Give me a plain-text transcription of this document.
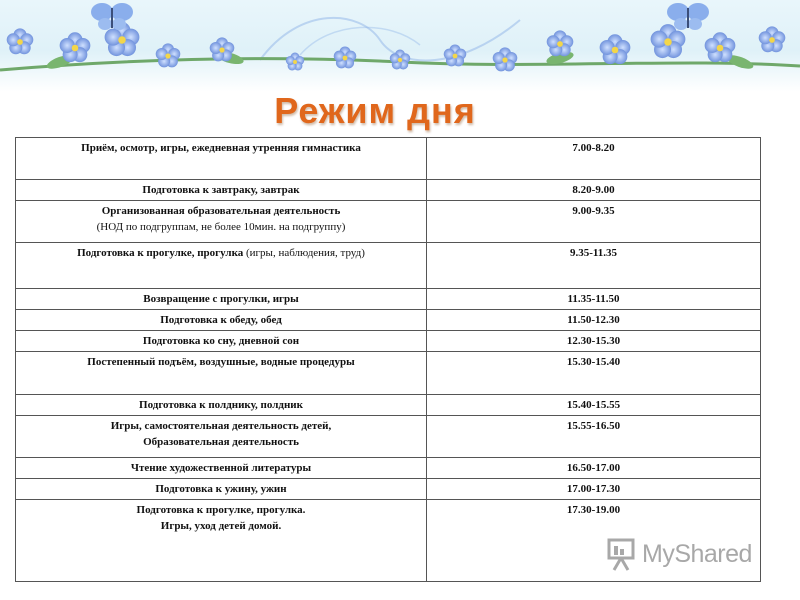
Режим дня
Приём, осмотр, игры, ежедневная утренняя гимнастика	7.00-8.20
Подготовка к завтраку, завтрак	8.20-9.00
Организованная образовательная деятельность
(НОД по подгруппам, не более 10мин. на подгруппу)	9.00-9.35
Подготовка к прогулке, прогулка (игры, наблюдения, труд)	9.35-11.35
Возвращение с прогулки, игры	11.35-11.50
Подготовка к обеду, обед	11.50-12.30
Подготовка ко сну, дневной сон	12.30-15.30
Постепенный подъём, воздушные, водные процедуры	15.30-15.40
Подготовка к полднику, полдник	15.40-15.55
Игры, самостоятельная деятельность детей,
Образовательная деятельность	15.55-16.50
Чтение художественной литературы	16.50-17.00
Подготовка к ужину, ужин	17.00-17.30
Подготовка к прогулке, прогулка.
Игры, уход детей домой.	17.30-19.00
MyShared
